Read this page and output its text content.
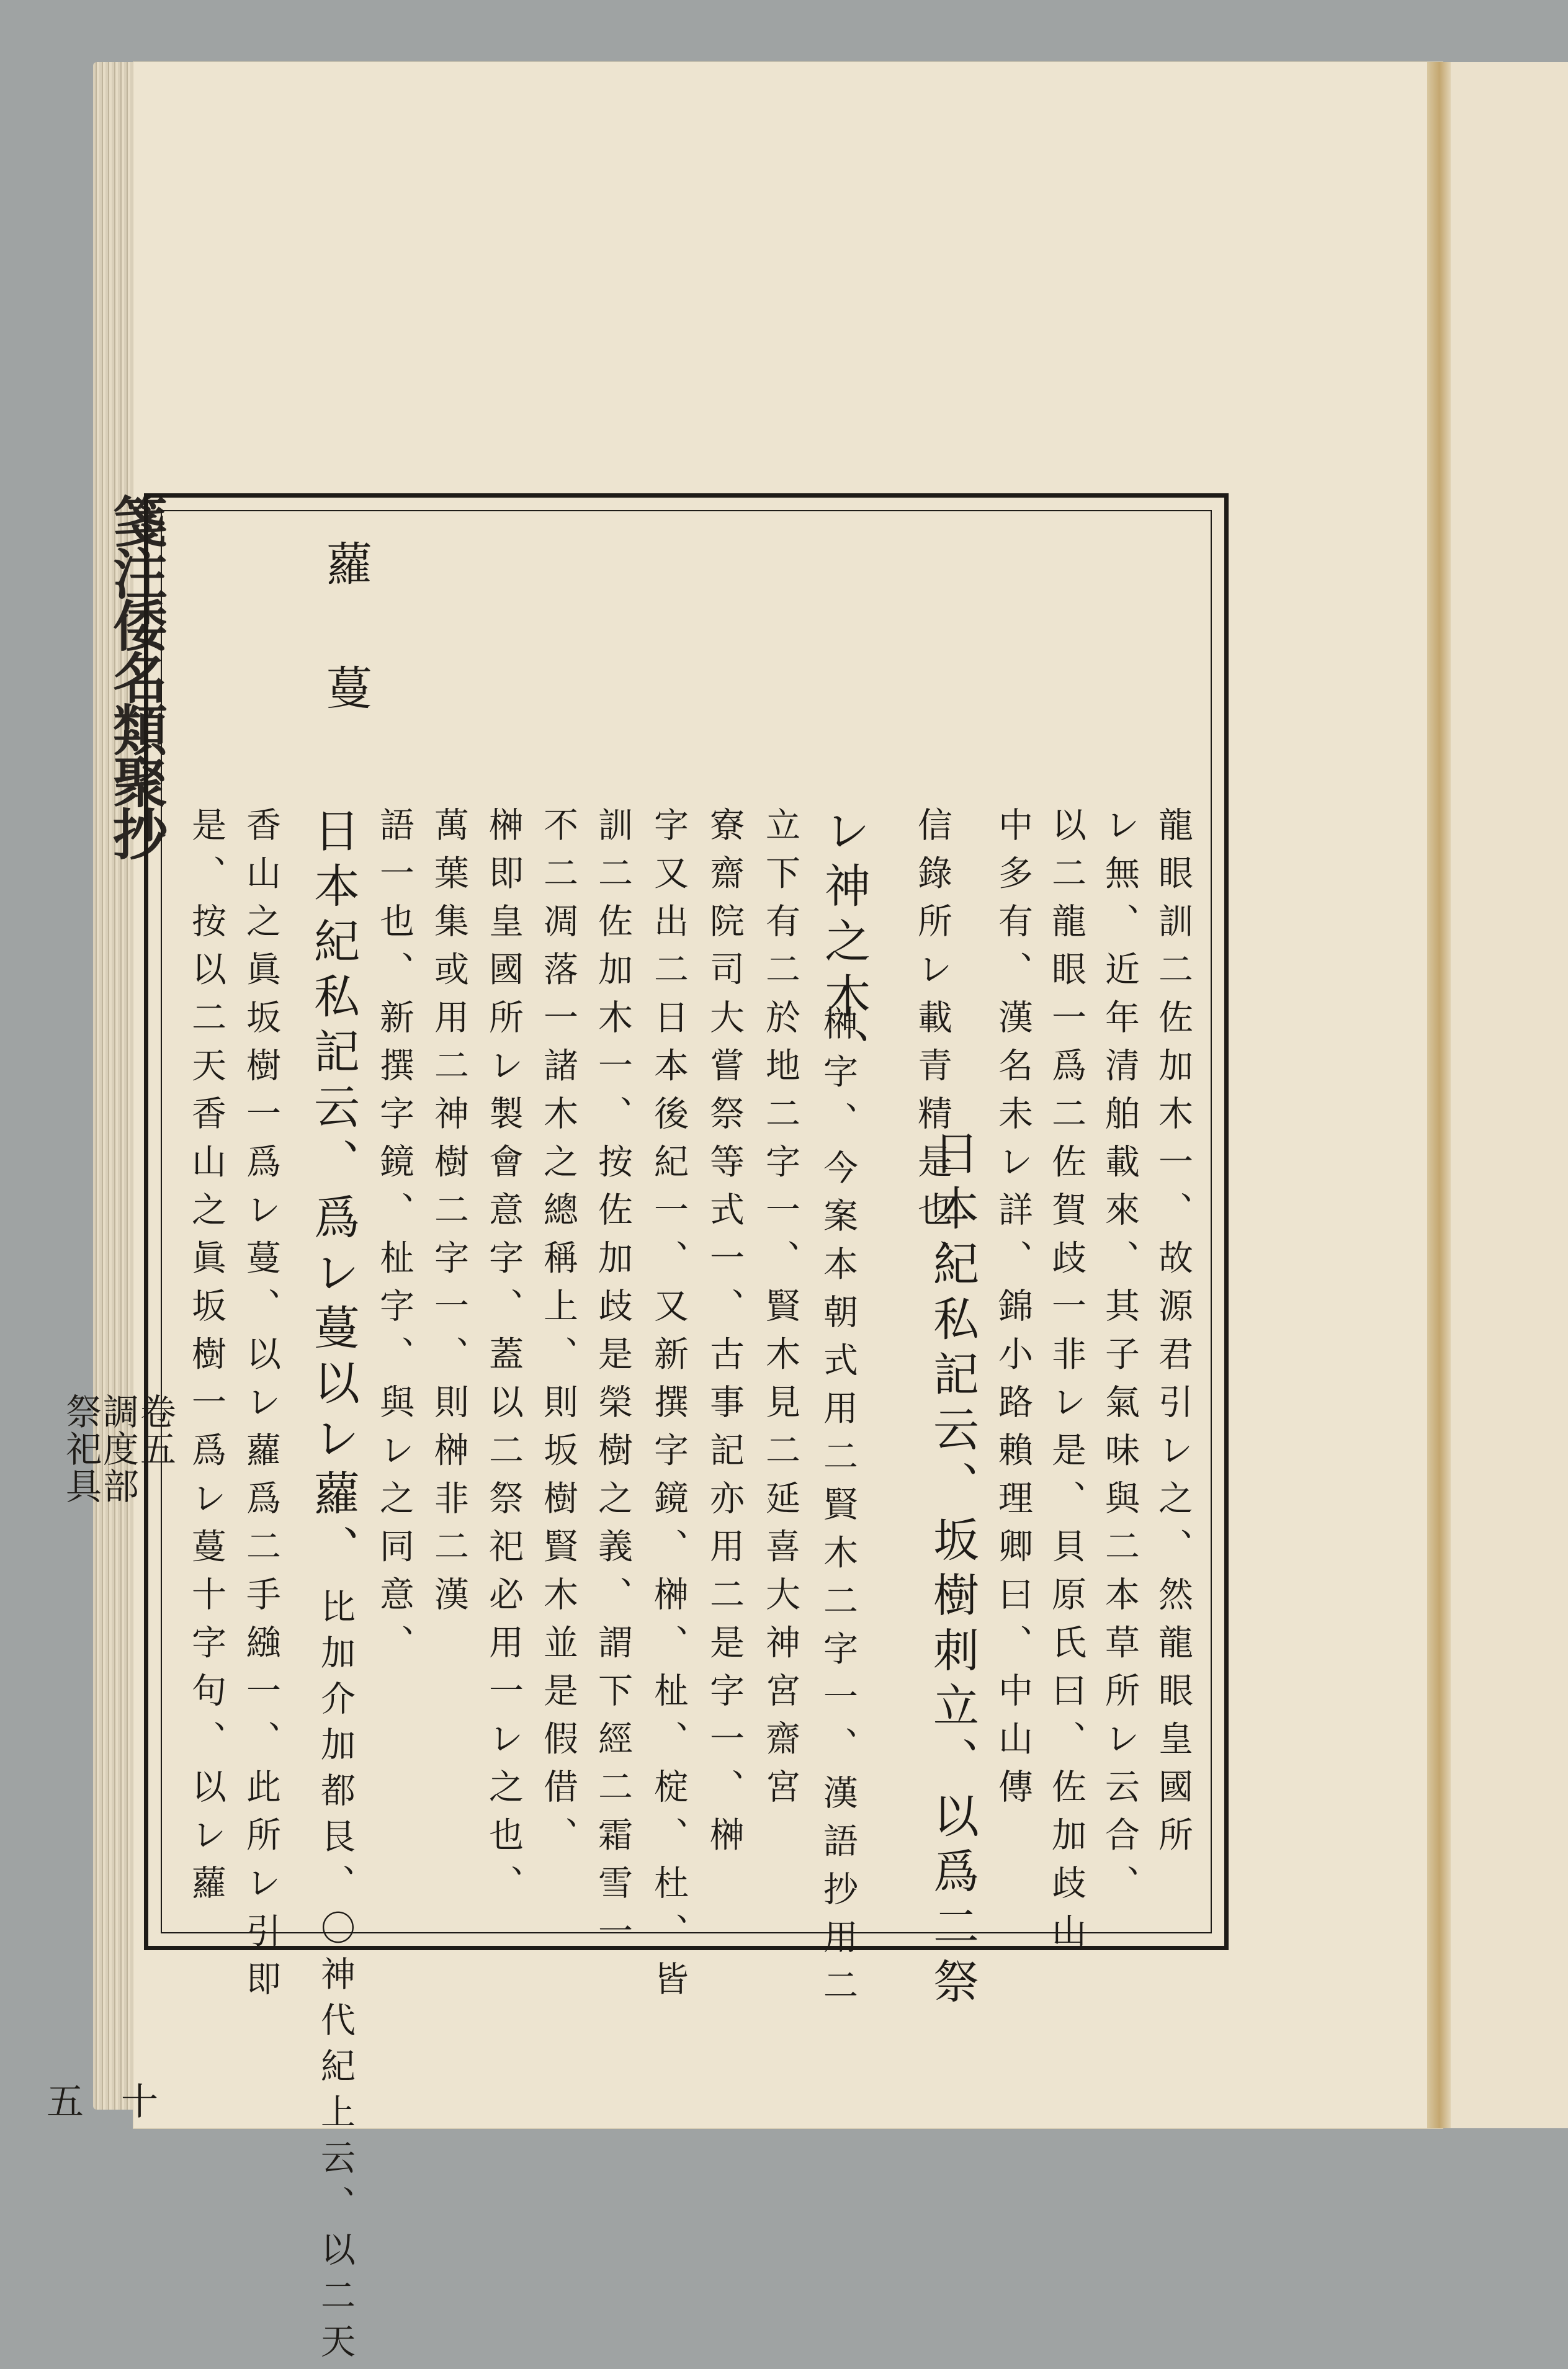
箋注倭名類聚抄
卷五
調度部
祭祀具
十五
蘿 蔓
龍眼訓二佐加木一、故源君引レ之、然龍眼皇國所
レ無、近年清舶載來、其子氣味與二本草所レ云合、
以二龍眼一爲二佐賀歧一非レ是、貝原氏曰、佐加歧山
中多有、漢名未レ詳、錦小路賴理卿曰、中山傳
信錄所レ載青精是也、
日本紀私記云、坂樹刺立、以爲二祭
レ神之木、
榊字、今案本朝式用二賢木二字一、漢語抄用二
立下有二於地二字一、賢木見二延喜大神宮齋宮
寮齋院司大嘗祭等式一、古事記亦用二是字一、榊
字又出二日本後紀一、又新撰字鏡、榊、杫、椗、杜、皆
訓二佐加木一、按佐加歧是榮樹之義、謂下經二霜雪一
不二凋落一諸木之總稱上、則坂樹賢木並是假借、
榊即皇國所レ製會意字、蓋以二祭祀必用一レ之也、
萬葉集或用二神樹二字一、則榊非二漢
語一也、新撰字鏡、杫字、與レ之同意、
日本紀私記云、爲レ蔓以レ蘿、
比加介加都艮、〇神代紀上云、以二天
香山之眞坂樹一爲レ蔓、以レ蘿爲二手繈一、此所レ引即
是、按以二天香山之眞坂樹一爲レ蔓十字句、以レ蘿
